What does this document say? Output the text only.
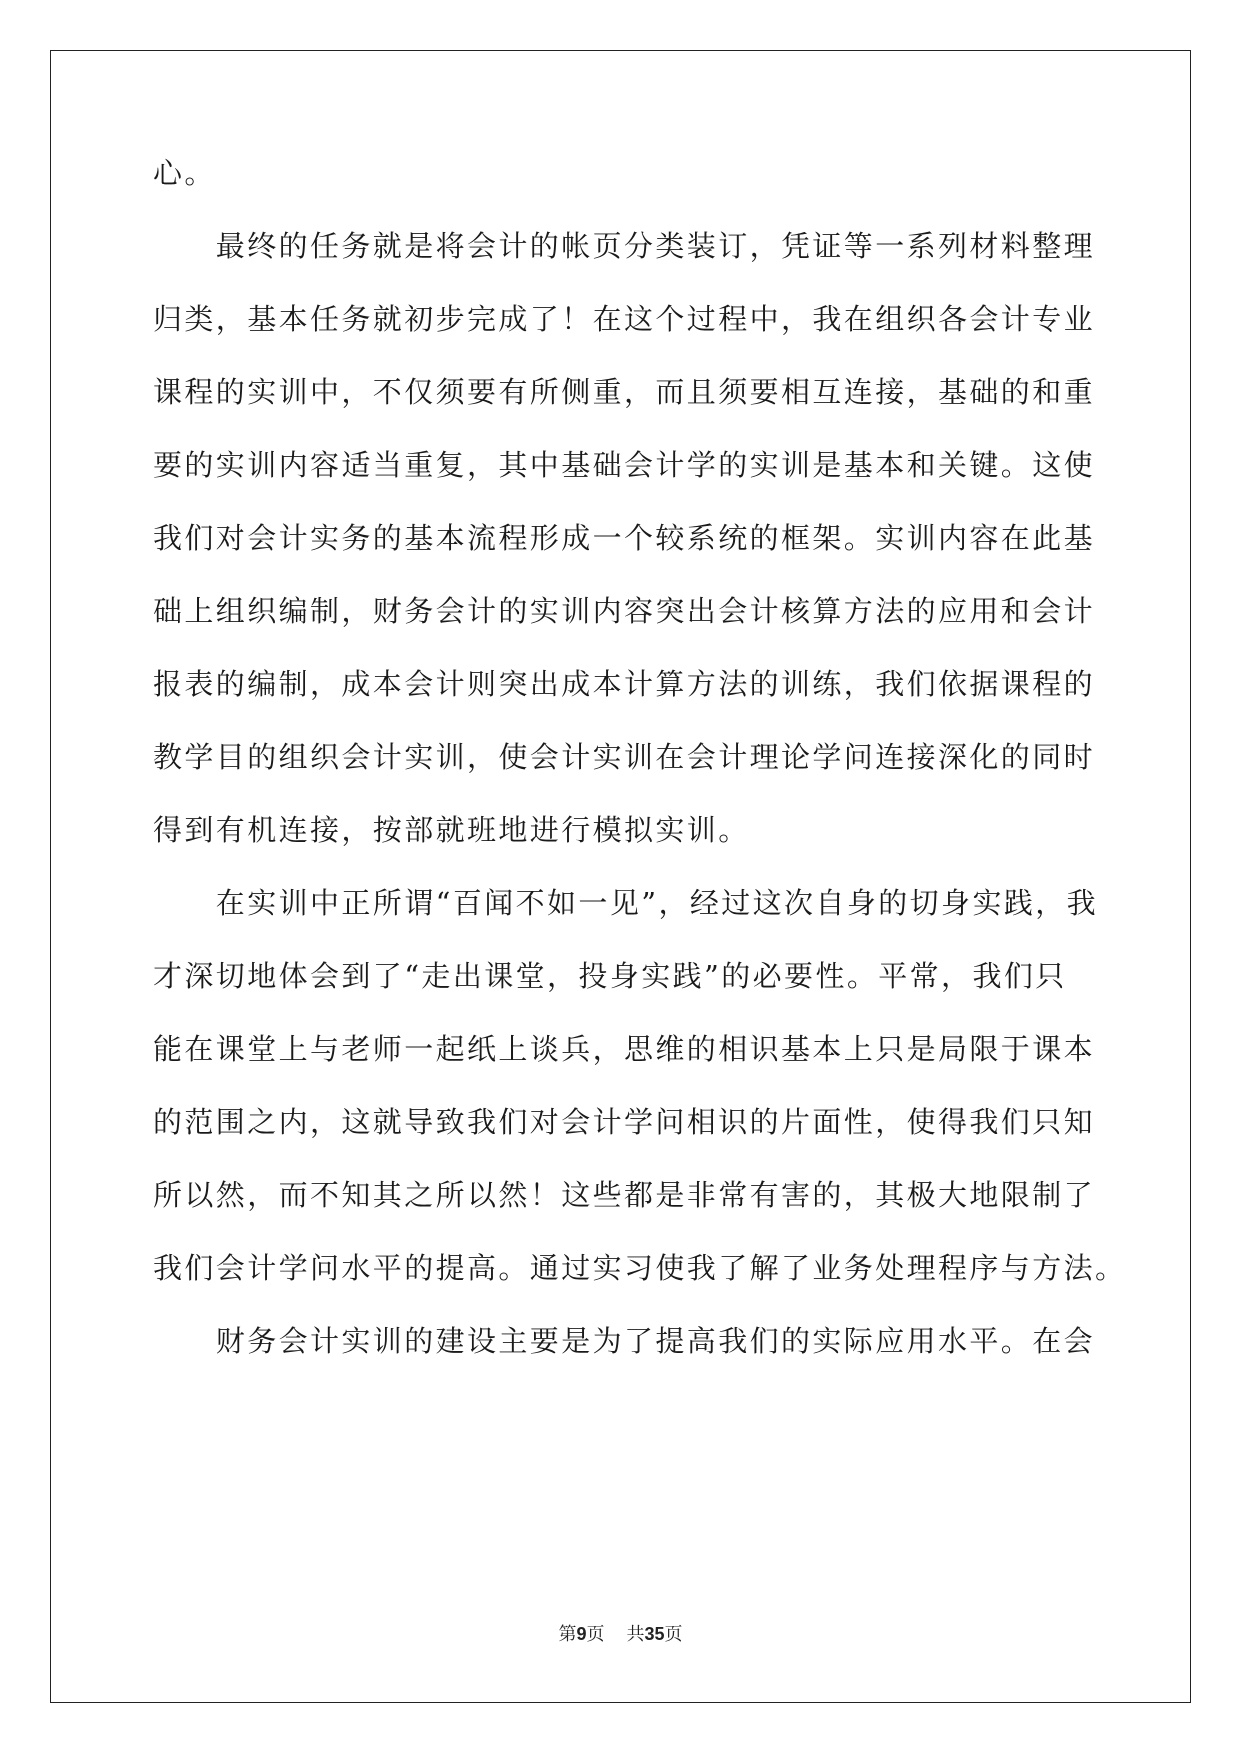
心。
　　最终的任务就是将会计的帐页分类装订，凭证等一系列材料整理
归类，基本任务就初步完成了！在这个过程中，我在组织各会计专业
课程的实训中，不仅须要有所侧重，而且须要相互连接，基础的和重
要的实训内容适当重复，其中基础会计学的实训是基本和关键。这使
我们对会计实务的基本流程形成一个较系统的框架。实训内容在此基
础上组织编制，财务会计的实训内容突出会计核算方法的应用和会计
报表的编制，成本会计则突出成本计算方法的训练，我们依据课程的
教学目的组织会计实训，使会计实训在会计理论学问连接深化的同时
得到有机连接，按部就班地进行模拟实训。
　　在实训中正所谓“百闻不如一见”，经过这次自身的切身实践，我
才深切地体会到了“走出课堂，投身实践”的必要性。平常，我们只
能在课堂上与老师一起纸上谈兵，思维的相识基本上只是局限于课本
的范围之内，这就导致我们对会计学问相识的片面性，使得我们只知
所以然，而不知其之所以然！这些都是非常有害的，其极大地限制了
我们会计学问水平的提高。通过实习使我了解了业务处理程序与方法。
　　财务会计实训的建设主要是为了提高我们的实际应用水平。在会
第9页 共35页
